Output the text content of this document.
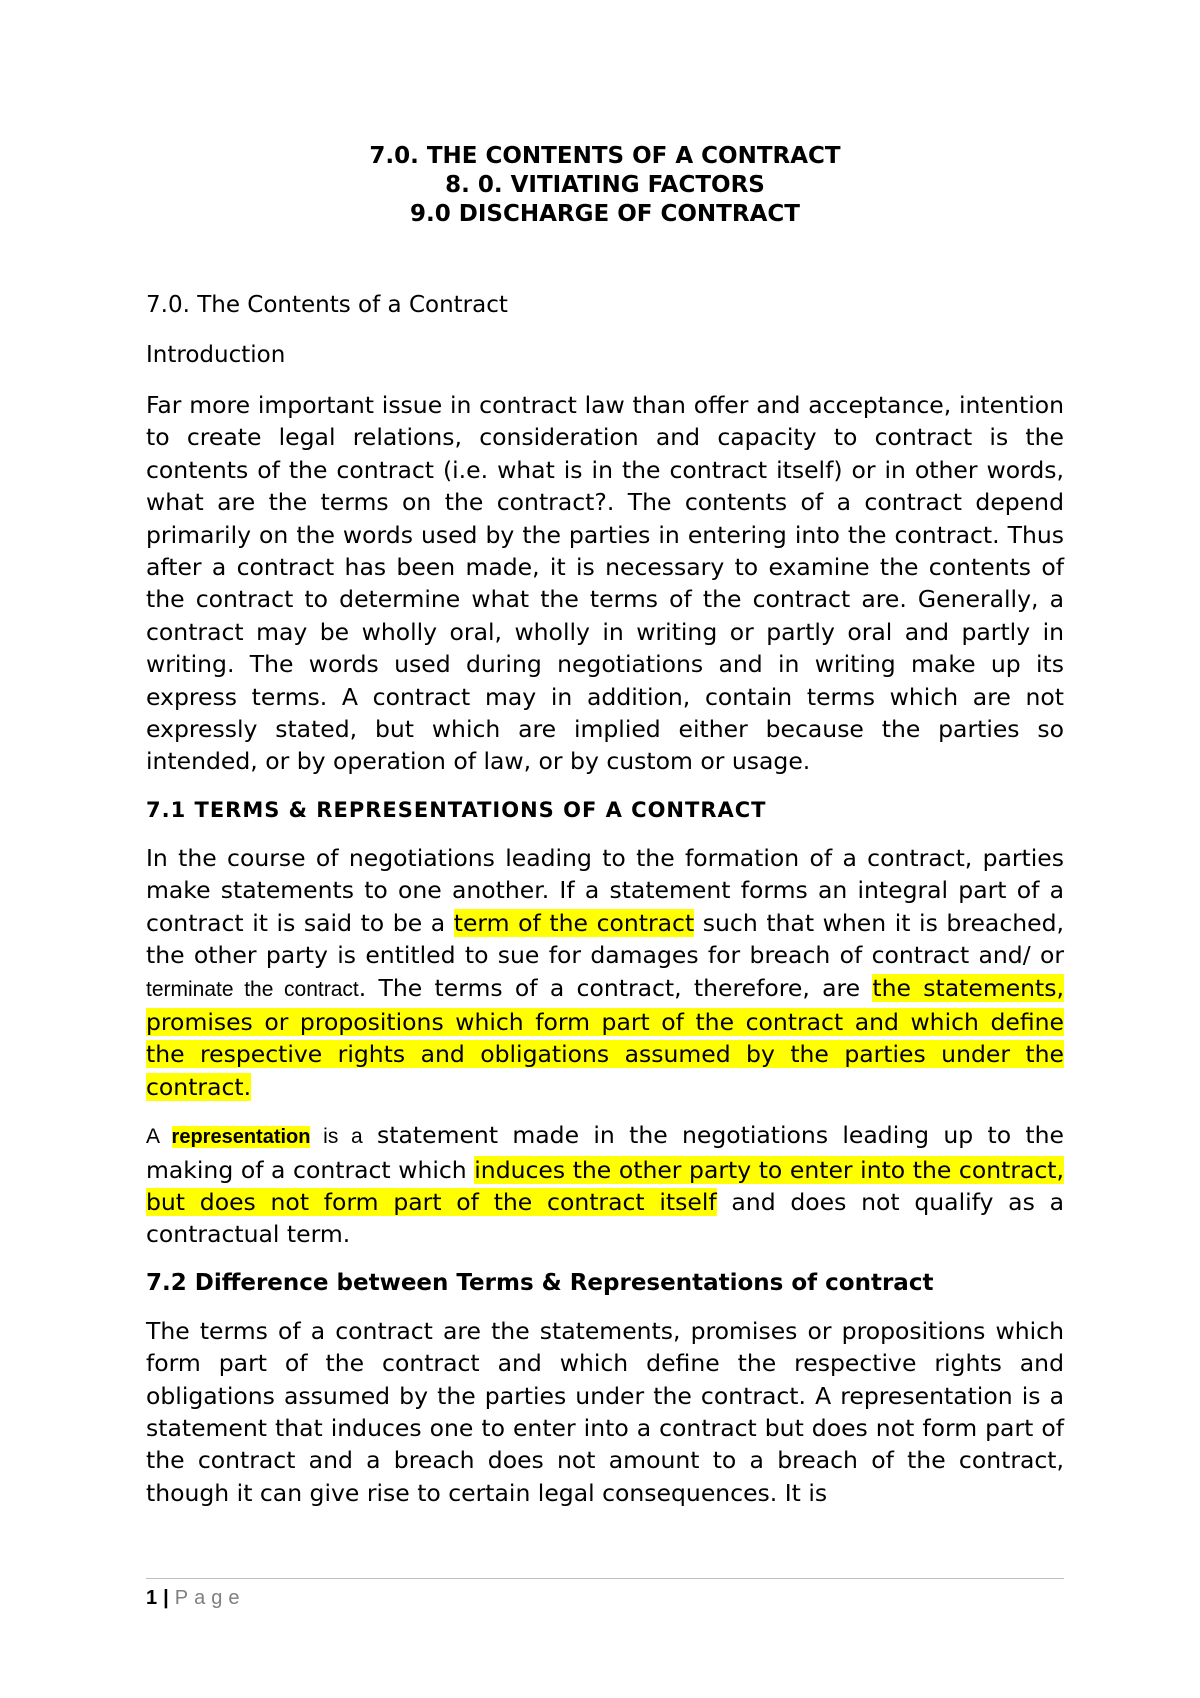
7.0. THE CONTENTS OF A CONTRACT
8. 0. VITIATING FACTORS
9.0 DISCHARGE OF CONTRACT
7.0. The Contents of a Contract
Introduction
Far more important issue in contract law than offer and acceptance, intention to create legal relations, consideration and capacity to contract is the contents of the contract (i.e. what is in the contract itself) or in other words, what are the terms on the contract?. The contents of a contract depend primarily on the words used by the parties in entering into the contract. Thus after a contract has been made, it is necessary to examine the contents of the contract to determine what the terms of the contract are. Generally, a contract may be wholly oral, wholly in writing or partly oral and partly in writing. The words used during negotiations and in writing make up its express terms. A contract may in addition, contain terms which are not expressly stated, but which are implied either because the parties so intended, or by operation of law, or by custom or usage.
7.1 TERMS & REPRESENTATIONS OF A CONTRACT
In the course of negotiations leading to the formation of a contract, parties make statements to one another. If a statement forms an integral part of a contract it is said to be a term of the contract such that when it is breached, the other party is entitled to sue for damages for breach of contract and/ or terminate the contract. The terms of a contract, therefore, are the statements, promises or propositions which form part of the contract and which define the respective rights and obligations assumed by the parties under the contract.
A representation is a statement made in the negotiations leading up to the making of a contract which induces the other party to enter into the contract, but does not form part of the contract itself and does not qualify as a contractual term.
7.2 Difference between Terms & Representations of contract
The terms of a contract are the statements, promises or propositions which form part of the contract and which define the respective rights and obligations assumed by the parties under the contract. A representation is a statement that induces one to enter into a contract but does not form part of the contract and a breach does not amount to a breach of the contract, though it can give rise to certain legal consequences. It is
1 | Page
